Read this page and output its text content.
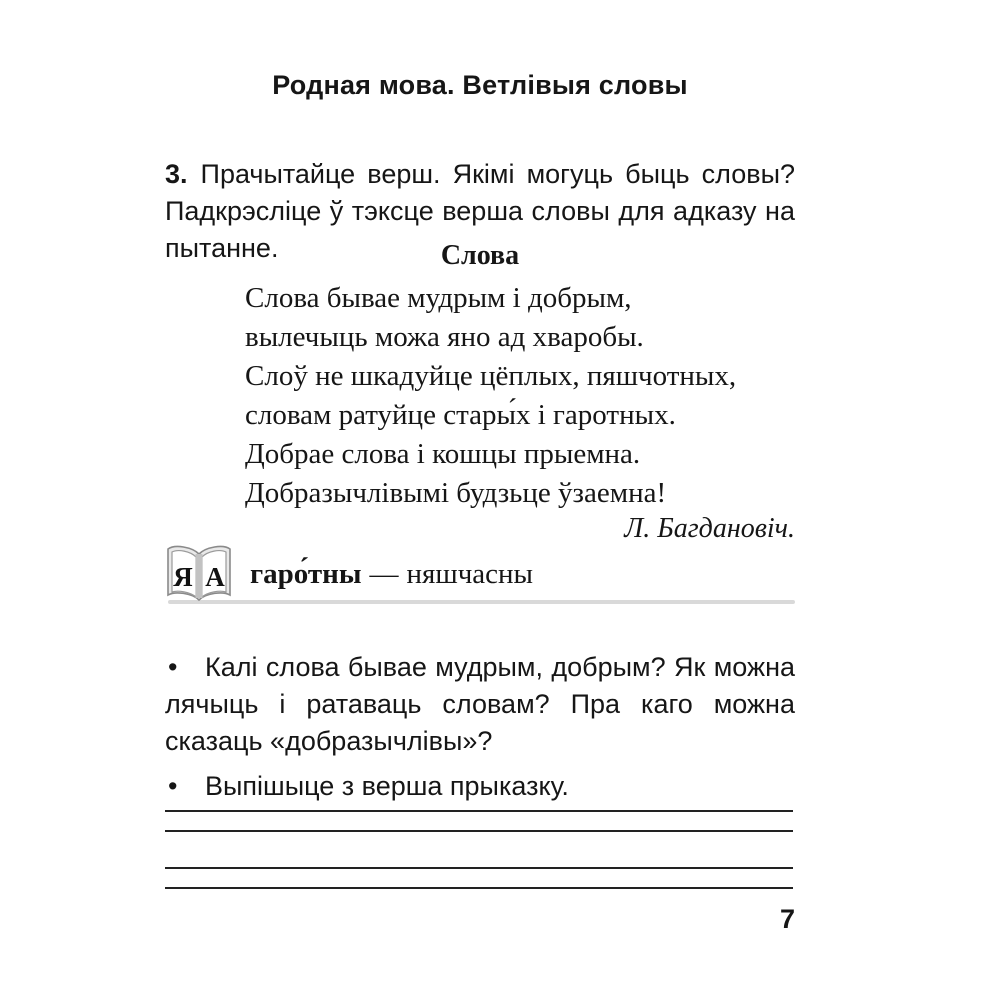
Родная мова. Ветлівыя словы

3. Прачытайце верш. Якімі могуць быць словы? Падкрэсліце ў тэксце верша словы для адказу на пытанне.	Слова
Слова бывае мудрым і добрым,
вылечыць можа яно ад хваробы.
Слоў не шкадуйце цёплых, пяшчотных,
словам ратуйце стары́х і гаротных.
Добрае слова і кошцы прыемна.
Добразычлівымі будзьце ўзаемна!
Л. Багдановіч.
Я А гаро́тны — няшчасны

• Калі слова бывае мудрым, добрым? Як можна лячыць і ратаваць словам? Пра каго можна сказаць «добразычлівы»?

• Выпішыце з верша прыказку.

7
